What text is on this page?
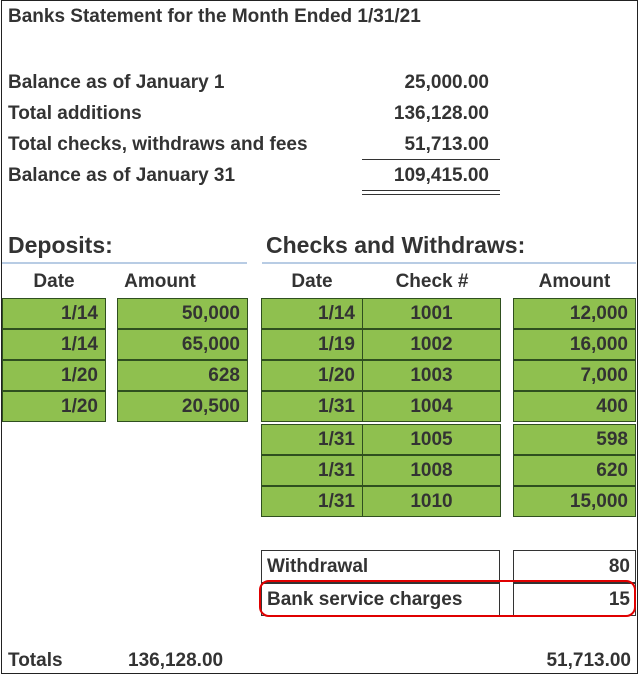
Banks Statement for the Month Ended 1/31/21
Balance as of January 1	25,000.00
Total additions	136,128.00
Total checks, withdraws and fees	51,713.00
Balance as of January 31	109,415.00
Deposits:	Checks and Withdraws:
Date	Amount	Date	Check #	Amount
1/14	50,000
1/14	65,000
1/20	628
1/20	20,500
1/14	1001	12,000
1/19	1002	16,000
1/20	1003	7,000
1/31	1004	400
1/31	1005	598
1/31	1008	620
1/31	1010	15,000
Withdrawal	80
Bank service charges	15
Totals	136,128.00	51,713.00
